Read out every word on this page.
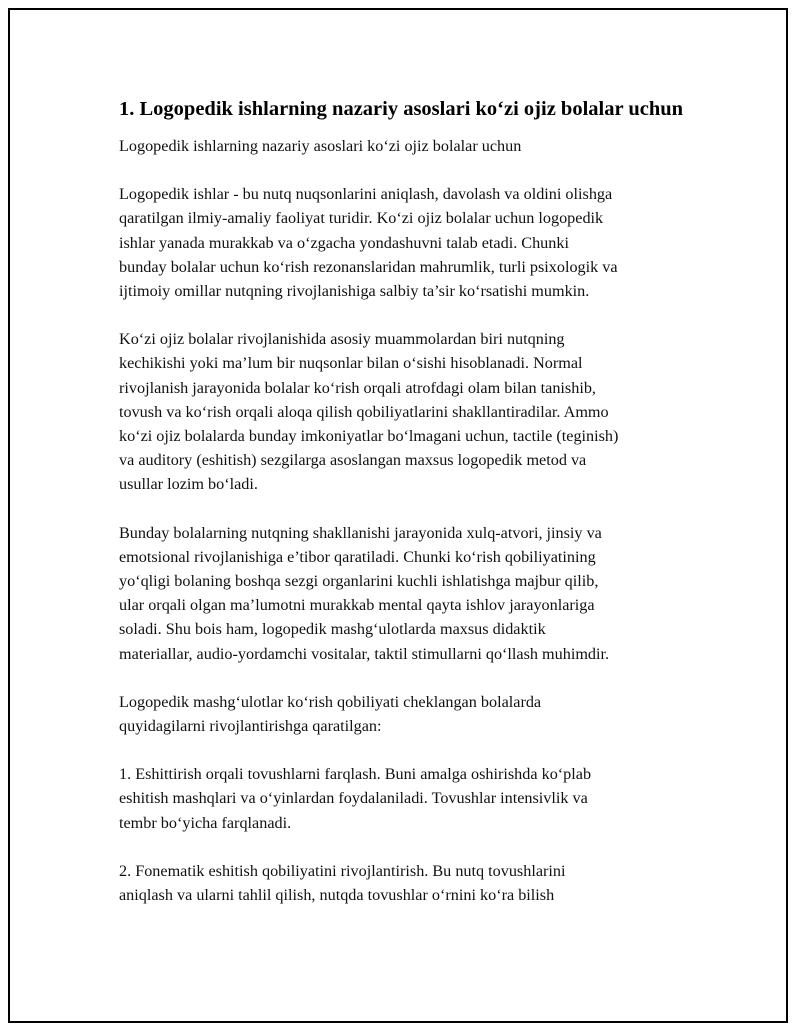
1. Logopedik ishlarning nazariy asoslari ko‘zi ojiz bolalar uchun

Logopedik ishlarning nazariy asoslari ko‘zi ojiz bolalar uchun

Logopedik ishlar - bu nutq nuqsonlarini aniqlash, davolash va oldini olishga
qaratilgan ilmiy-amaliy faoliyat turidir. Ko‘zi ojiz bolalar uchun logopedik
ishlar yanada murakkab va o‘zgacha yondashuvni talab etadi. Chunki
bunday bolalar uchun ko‘rish rezonanslaridan mahrumlik, turli psixologik va
ijtimoiy omillar nutqning rivojlanishiga salbiy ta’sir ko‘rsatishi mumkin.

Ko‘zi ojiz bolalar rivojlanishida asosiy muammolardan biri nutqning
kechikishi yoki ma’lum bir nuqsonlar bilan o‘sishi hisoblanadi. Normal
rivojlanish jarayonida bolalar ko‘rish orqali atrofdagi olam bilan tanishib,
tovush va ko‘rish orqali aloqa qilish qobiliyatlarini shakllantiradilar. Ammo
ko‘zi ojiz bolalarda bunday imkoniyatlar bo‘lmagani uchun, tactile (teginish)
va auditory (eshitish) sezgilarga asoslangan maxsus logopedik metod va
usullar lozim bo‘ladi.

Bunday bolalarning nutqning shakllanishi jarayonida xulq-atvori, jinsiy va
emotsional rivojlanishiga e’tibor qaratiladi. Chunki ko‘rish qobiliyatining
yo‘qligi bolaning boshqa sezgi organlarini kuchli ishlatishga majbur qilib,
ular orqali olgan ma’lumotni murakkab mental qayta ishlov jarayonlariga
soladi. Shu bois ham, logopedik mashg‘ulotlarda maxsus didaktik
materiallar, audio-yordamchi vositalar, taktil stimullarni qo‘llash muhimdir.

Logopedik mashg‘ulotlar ko‘rish qobiliyati cheklangan bolalarda
quyidagilarni rivojlantirishga qaratilgan:

1. Eshittirish orqali tovushlarni farqlash. Buni amalga oshirishda ko‘plab
eshitish mashqlari va o‘yinlardan foydalaniladi. Tovushlar intensivlik va
tembr bo‘yicha farqlanadi.

2. Fonematik eshitish qobiliyatini rivojlantirish. Bu nutq tovushlarini
aniqlash va ularni tahlil qilish, nutqda tovushlar o‘rnini ko‘ra bilish
